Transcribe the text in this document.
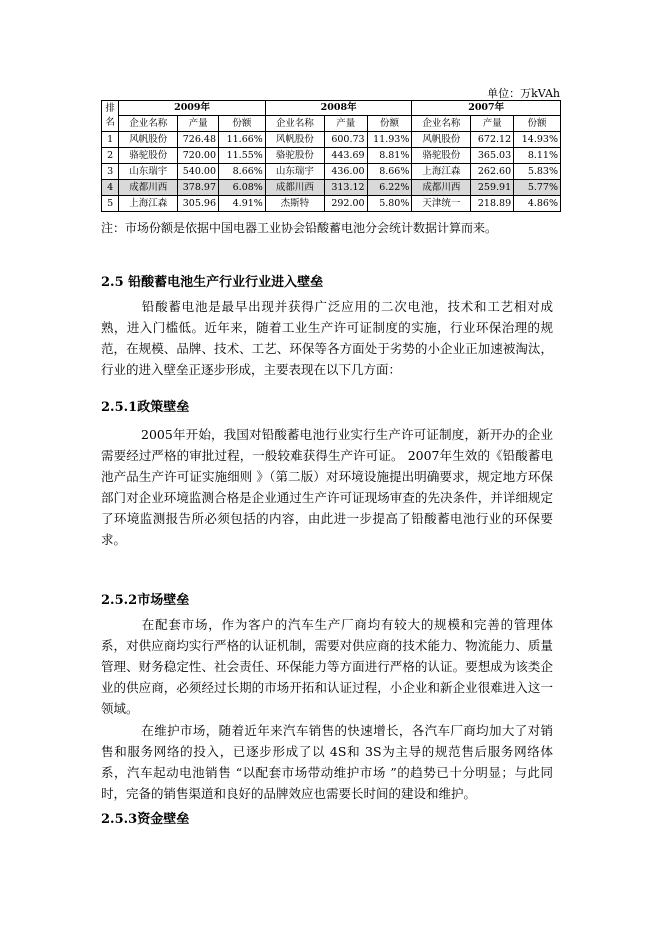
单位：万kVAh
排
名	2009年			2008年			2007年		
	企业名称	产量	份额	企业名称	产量	份额	企业名称	产量	份额
1	风帆股份	726.48	11.66%	风帆股份	600.73	11.93%	风帆股份	672.12	14.93%
2	骆驼股份	720.00	11.55%	骆驼股份	443.69	8.81%	骆驼股份	365.03	8.11%
3	山东瑞宇	540.00	8.66%	山东瑞宇	436.00	8.66%	上海江森	262.60	5.83%
4	成都川西	378.97	6.08%	成都川西	313.12	6.22%	成都川西	259.91	5.77%
5	上海江森	305.96	4.91%	杰斯特	292.00	5.80%	天津统一	218.89	4.86%
注：市场份额是依据中国电器工业协会铅酸蓄电池分会统计数据计算而来。
2.5 铅酸蓄电池生产行业行业进入壁垒
铅酸蓄电池是最早出现并获得广泛应用的二次电池，技术和工艺相对成熟，进入门槛低。近年来，随着工业生产许可证制度的实施，行业环保治理的规范，在规模、品牌、技术、工艺、环保等各方面处于劣势的小企业正加速被淘汰，行业的进入壁垒正逐步形成，主要表现在以下几方面：
2.5.1政策壁垒
2005年开始，我国对铅酸蓄电池行业实行生产许可证制度，新开办的企业需要经过严格的审批过程，一般较难获得生产许可证。 2007年生效的《铅酸蓄电池产品生产许可证实施细则 》（第二版）对环境设施提出明确要求，规定地方环保部门对企业环境监测合格是企业通过生产许可证现场审查的先决条件，并详细规定了环境监测报告所必须包括的内容，由此进一步提高了铅酸蓄电池行业的环保要求。
2.5.2市场壁垒
在配套市场，作为客户的汽车生产厂商均有较大的规模和完善的管理体系，对供应商均实行严格的认证机制，需要对供应商的技术能力、物流能力、质量管理、财务稳定性、社会责任、环保能力等方面进行严格的认证。要想成为该类企业的供应商，必须经过长期的市场开拓和认证过程，小企业和新企业很难进入这一领域。
在维护市场，随着近年来汽车销售的快速增长，各汽车厂商均加大了对销售和服务网络的投入，已逐步形成了以 4S和 3S为主导的规范售后服务网络体系，汽车起动电池销售 “以配套市场带动维护市场 ”的趋势已十分明显；与此同时，完备的销售渠道和良好的品牌效应也需要长时间的建设和维护。
2.5.3资金壁垒
